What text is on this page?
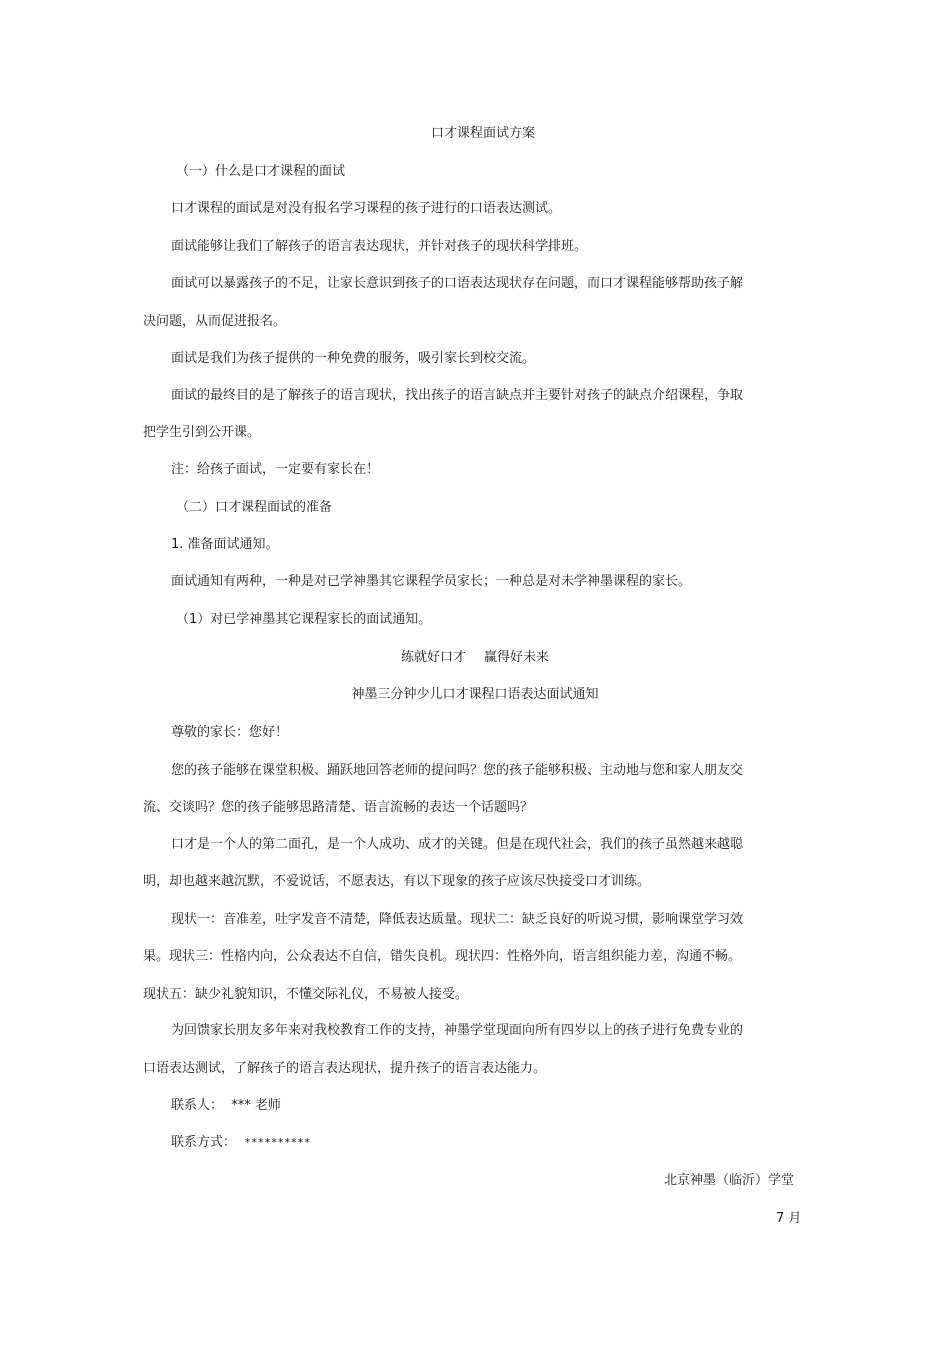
口才课程面试方案
（一）什么是口才课程的面试
口才课程的面试是对没有报名学习课程的孩子进行的口语表达测试。
面试能够让我们了解孩子的语言表达现状，并针对孩子的现状科学排班。
面试可以暴露孩子的不足，让家长意识到孩子的口语表达现状存在问题，而口才课程能够帮助孩子解
决问题，从而促进报名。
面试是我们为孩子提供的一种免费的服务，吸引家长到校交流。
面试的最终目的是了解孩子的语言现状，找出孩子的语言缺点并主要针对孩子的缺点介绍课程，争取
把学生引到公开课。
注：给孩子面试，一定要有家长在！
（二）口才课程面试的准备
1. 准备面试通知。
面试通知有两种，一种是对已学神墨其它课程学员家长；一种总是对未学神墨课程的家长。
（1）对已学神墨其它课程家长的面试通知。
练就好口才 赢得好未来
神墨三分钟少儿口才课程口语表达面试通知
尊敬的家长：您好！
您的孩子能够在课堂积极、踊跃地回答老师的提问吗？您的孩子能够积极、主动地与您和家人朋友交
流、交谈吗？您的孩子能够思路清楚、语言流畅的表达一个话题吗？
口才是一个人的第二面孔，是一个人成功、成才的关键。但是在现代社会，我们的孩子虽然越来越聪
明，却也越来越沉默，不爱说话，不愿表达，有以下现象的孩子应该尽快接受口才训练。
现状一：音准差，吐字发音不清楚，降低表达质量。现状二：缺乏良好的听说习惯，影响课堂学习效
果。现状三：性格内向，公众表达不自信，错失良机。现状四：性格外向，语言组织能力差，沟通不畅。
现状五：缺少礼貌知识，不懂交际礼仪，不易被人接受。
为回馈家长朋友多年来对我校教育工作的支持，神墨学堂现面向所有四岁以上的孩子进行免费专业的
口语表达测试，了解孩子的语言表达现状，提升孩子的语言表达能力。
联系人： *** 老师
联系方式： **********
北京神墨（临沂）学堂
7 月
